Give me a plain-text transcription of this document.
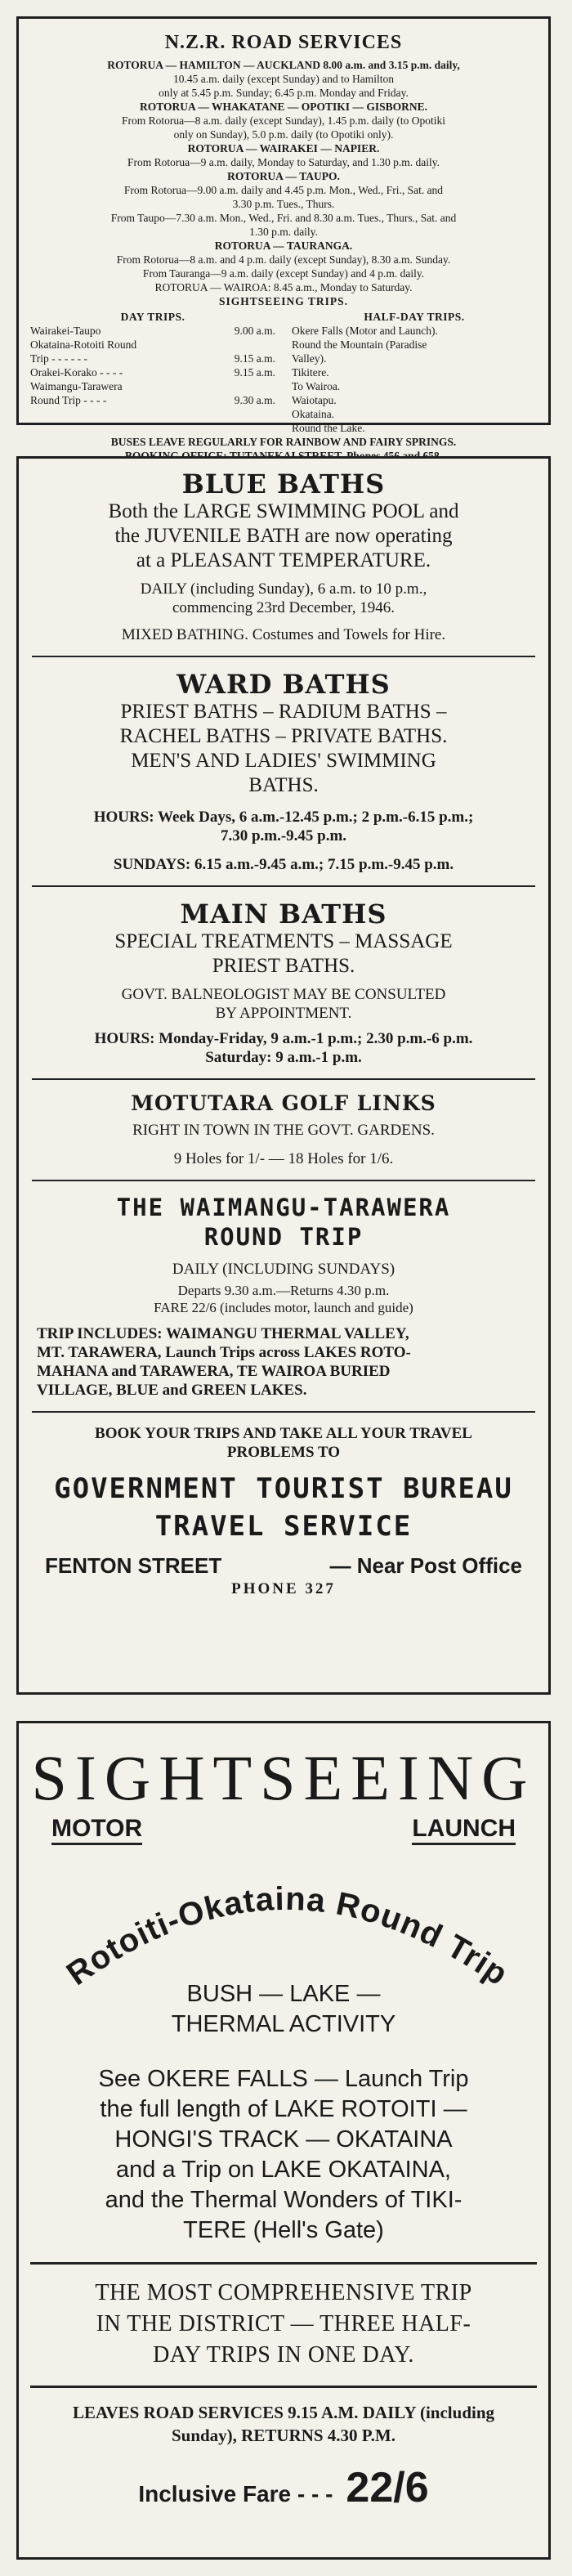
N.Z.R. ROAD SERVICES
ROTORUA — HAMILTON — AUCKLAND 8.00 a.m. and 3.15 p.m. daily,
10.45 a.m. daily (except Sunday) and to Hamilton
only at 5.45 p.m. Sunday; 6.45 p.m. Monday and Friday.
ROTORUA — WHAKATANE — OPOTIKI — GISBORNE.
From Rotorua—8 a.m. daily (except Sunday), 1.45 p.m. daily (to Opotiki
only on Sunday), 5.0 p.m. daily (to Opotiki only).
ROTORUA — WAIRAKEI — NAPIER.
From Rotorua—9 a.m. daily, Monday to Saturday, and 1.30 p.m. daily.
ROTORUA — TAUPO.
From Rotorua—9.00 a.m. daily and 4.45 p.m. Mon., Wed., Fri., Sat. and
3.30 p.m. Tues., Thurs.
From Taupo—7.30 a.m. Mon., Wed., Fri. and 8.30 a.m. Tues., Thurs., Sat. and
1.30 p.m. daily.
ROTORUA — TAURANGA.
From Rotorua—8 a.m. and 4 p.m. daily (except Sunday), 8.30 a.m. Sunday.
From Tauranga—9 a.m. daily (except Sunday) and 4 p.m. daily.
ROTORUA — WAIROA: 8.45 a.m., Monday to Saturday.
SIGHTSEEING TRIPS.
DAY TRIPS.
Wairakei-Taupo	9.00 a.m.
Okataina-Rotoiti Round
Trip - - - - - -	9.15 a.m.
Orakei-Korako - - - -	9.15 a.m.
Waimangu-Tarawera
Round Trip - - - -	9.30 a.m.
HALF-DAY TRIPS.
Okere Falls (Motor and Launch).
Round the Mountain (Paradise
Valley).
Tikitere.
To Wairoa.
Waiotapu.
Okataina.
Round the Lake.
BUSES LEAVE REGULARLY FOR RAINBOW AND FAIRY SPRINGS.
BLUE BATHS
Both the LARGE SWIMMING POOL and
the JUVENILE BATH are now operating
at a PLEASANT TEMPERATURE.
DAILY (including Sunday), 6 a.m. to 10 p.m.,
commencing 23rd December, 1946.
MIXED BATHING. Costumes and Towels for Hire.
WARD BATHS
PRIEST BATHS – RADIUM BATHS –
RACHEL BATHS – PRIVATE BATHS.
MEN'S AND LADIES' SWIMMING
BATHS.
HOURS: Week Days, 6 a.m.-12.45 p.m.; 2 p.m.-6.15 p.m.;
7.30 p.m.-9.45 p.m.
SUNDAYS: 6.15 a.m.-9.45 a.m.; 7.15 p.m.-9.45 p.m.
MAIN BATHS
SPECIAL TREATMENTS – MASSAGE
PRIEST BATHS.
GOVT. BALNEOLOGIST MAY BE CONSULTED
BY APPOINTMENT.
HOURS: Monday-Friday, 9 a.m.-1 p.m.; 2.30 p.m.-6 p.m.
Saturday: 9 a.m.-1 p.m.
MOTUTARA GOLF LINKS
RIGHT IN TOWN IN THE GOVT. GARDENS.
9 Holes for 1/- — 18 Holes for 1/6.
THE WAIMANGU-TARAWERA
ROUND TRIP
DAILY (INCLUDING SUNDAYS)
Departs 9.30 a.m.—Returns 4.30 p.m.
FARE 22/6 (includes motor, launch and guide)
TRIP INCLUDES: WAIMANGU THERMAL VALLEY,
MT. TARAWERA, Launch Trips across LAKES ROTO-
MAHANA and TARAWERA, TE WAIROA BURIED
VILLAGE, BLUE and GREEN LAKES.
BOOK YOUR TRIPS AND TAKE ALL YOUR TRAVEL
PROBLEMS TO
GOVERNMENT TOURIST BUREAU
TRAVEL SERVICE
FENTON STREET	— Near Post Office
PHONE 327
SIGHTSEEING
MOTOR	LAUNCH
Rotoiti-Okataina Round Trip
BUSH — LAKE —
THERMAL ACTIVITY
See OKERE FALLS — Launch Trip
the full length of LAKE ROTOITI —
HONGI'S TRACK — OKATAINA
and a Trip on LAKE OKATAINA,
and the Thermal Wonders of TIKI-
TERE (Hell's Gate)
THE MOST COMPREHENSIVE TRIP
IN THE DISTRICT — THREE HALF-
DAY TRIPS IN ONE DAY.
LEAVES ROAD SERVICES 9.15 A.M. DAILY (including
Sunday), RETURNS 4.30 P.M.
Inclusive Fare - - - 22/6
